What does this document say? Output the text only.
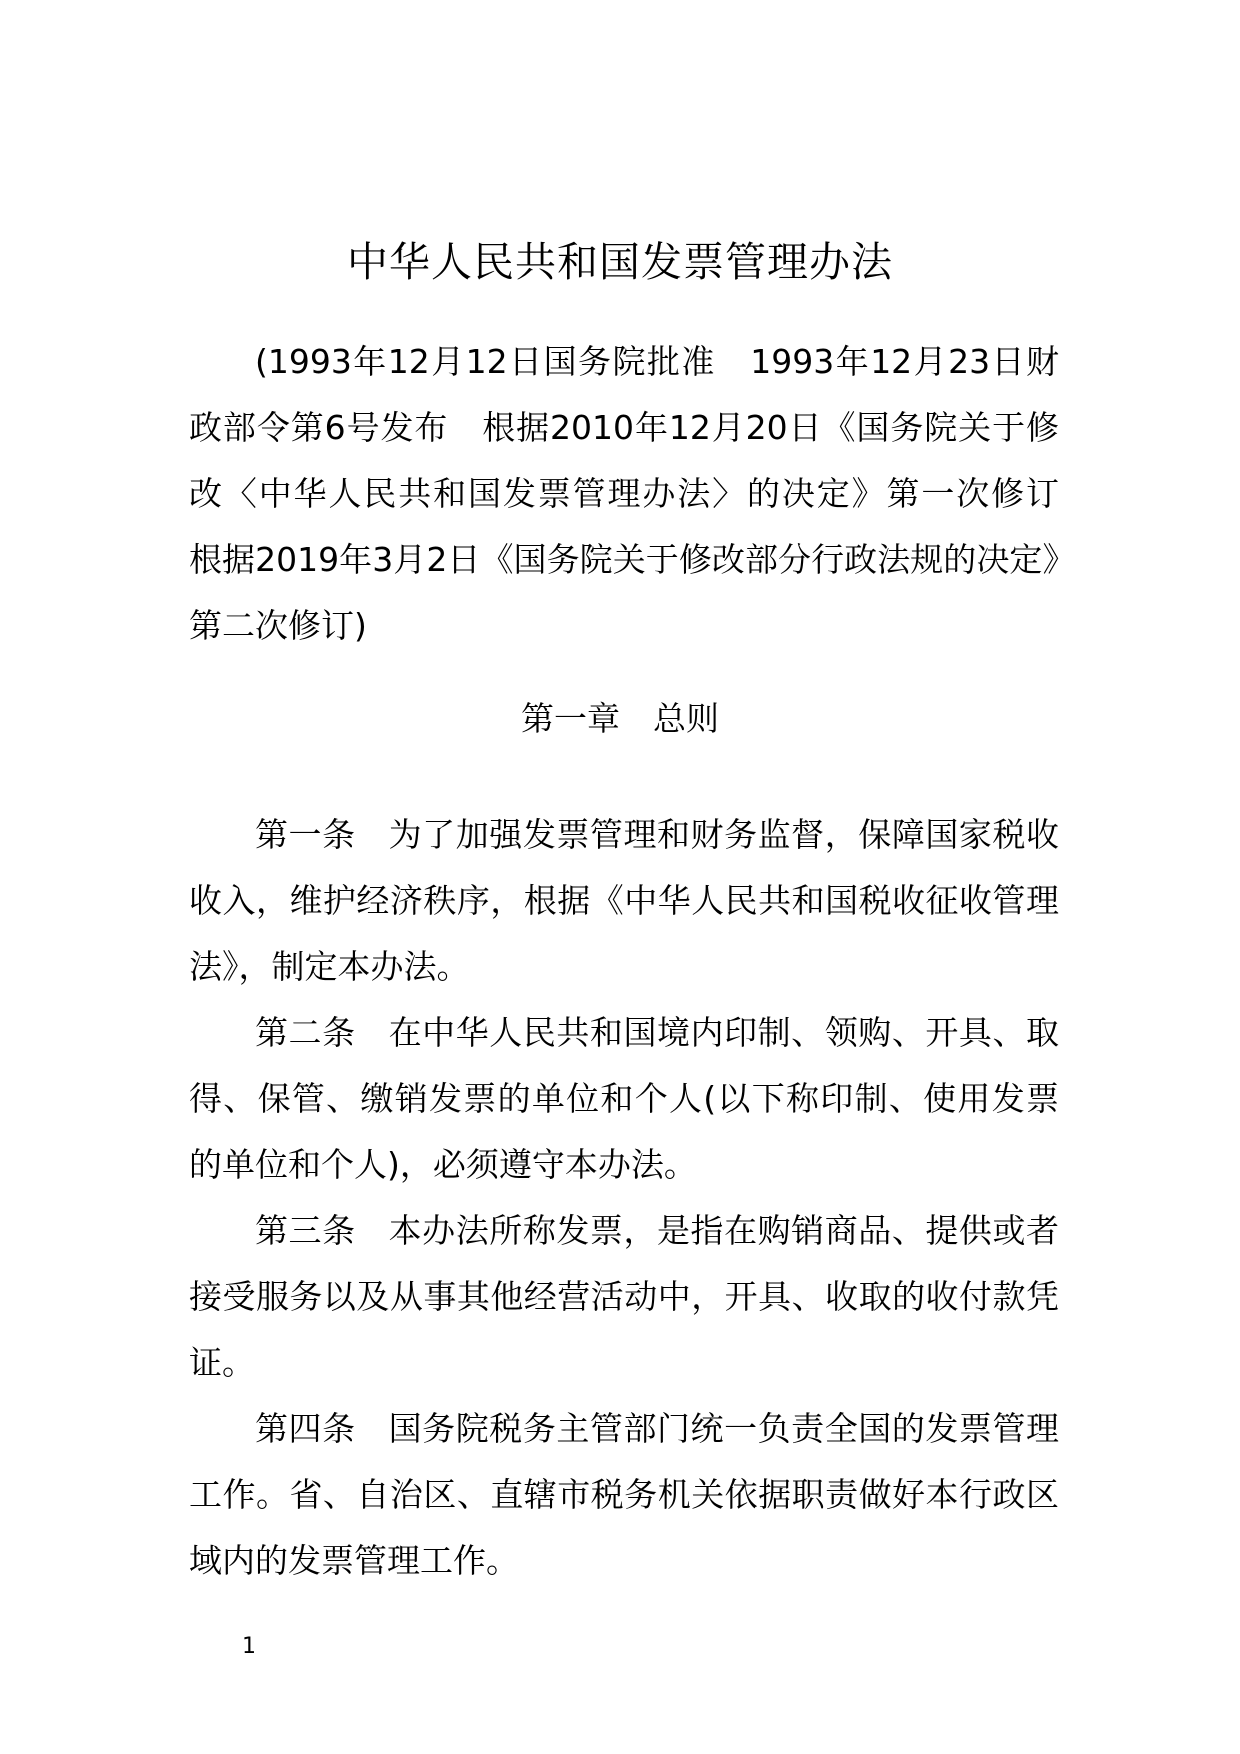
中华人民共和国发票管理办法

(1993年12月12日国务院批准　1993年12月23日财政部令第6号发布　根据2010年12月20日《国务院关于修改〈中华人民共和国发票管理办法〉的决定》第一次修订　根据2019年3月2日《国务院关于修改部分行政法规的决定》第二次修订)

第一章　总则

第一条 为了加强发票管理和财务监督，保障国家税收收入，维护经济秩序，根据《中华人民共和国税收征收管理法》，制定本办法。

第二条 在中华人民共和国境内印制、领购、开具、取得、保管、缴销发票的单位和个人(以下称印制、使用发票的单位和个人)，必须遵守本办法。

第三条 本办法所称发票，是指在购销商品、提供或者接受服务以及从事其他经营活动中，开具、收取的收付款凭证。

第四条 国务院税务主管部门统一负责全国的发票管理工作。省、自治区、直辖市税务机关依据职责做好本行政区域内的发票管理工作。

1
